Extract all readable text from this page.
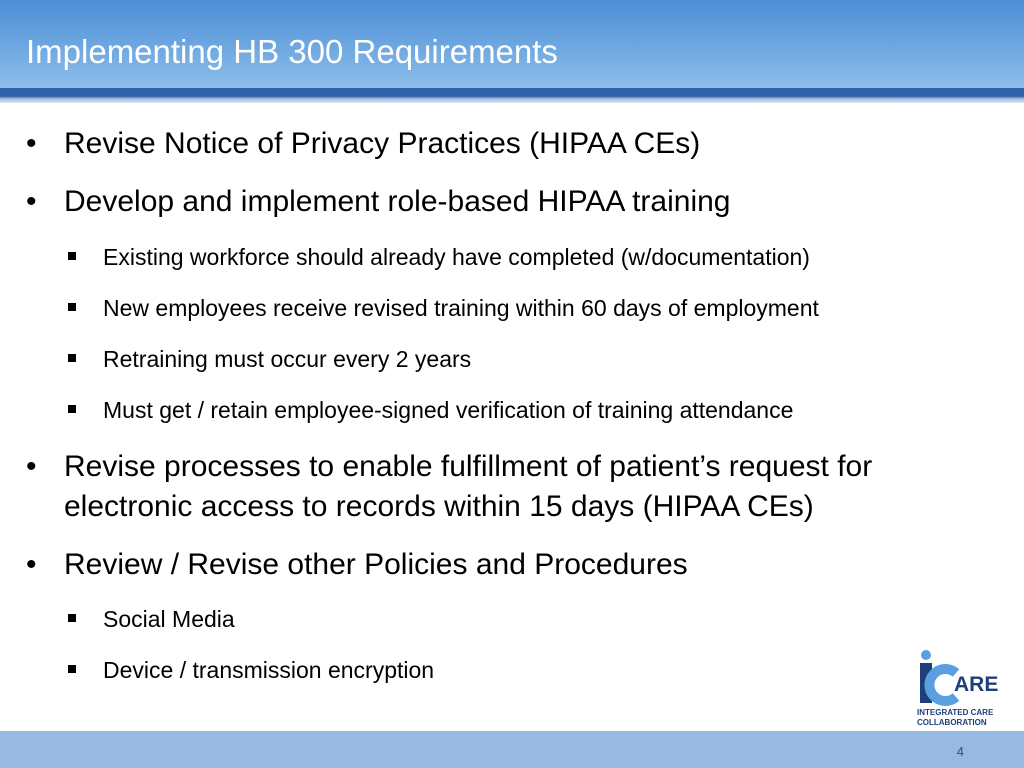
Implementing HB 300 Requirements
• Revise Notice of Privacy Practices (HIPAA CEs)
• Develop and implement role-based HIPAA training
Existing workforce should already have completed (w/documentation)
New employees receive revised training within 60 days of employment
Retraining must occur every 2 years
Must get / retain employee-signed verification of training attendance
• Revise processes to enable fulfillment of patient’s request for electronic access to records within 15 days (HIPAA CEs)
• Review / Revise other Policies and Procedures
Social Media
Device / transmission encryption
ARE
INTEGRATED CARE
COLLABORATION
4
